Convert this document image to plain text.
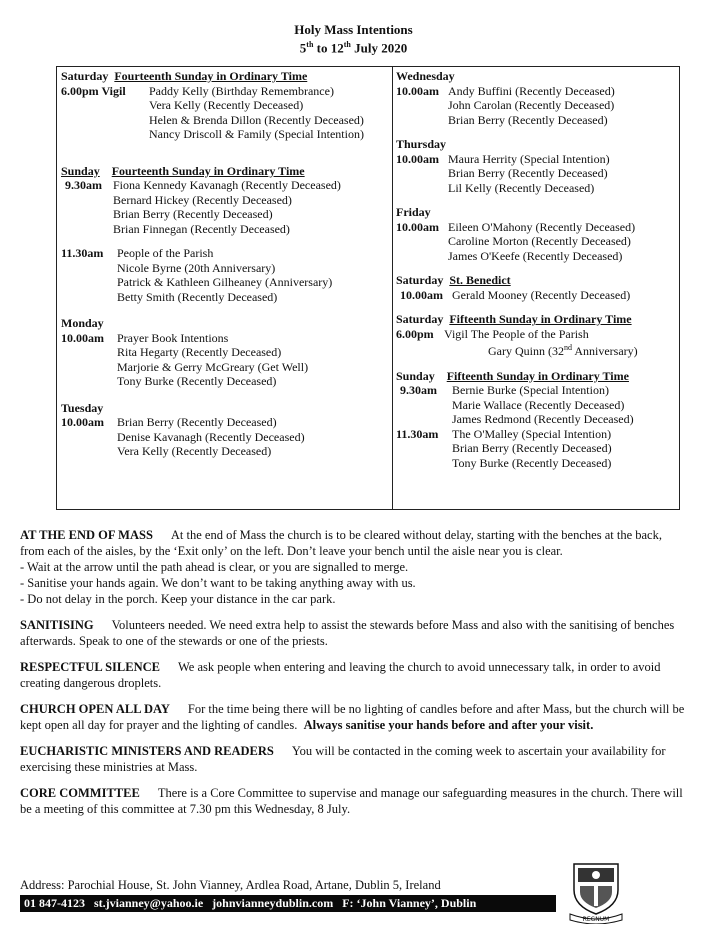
Holy Mass Intentions
5th to 12th July 2020
Saturday Fourteenth Sunday in Ordinary Time
6.00pm Vigil	Paddy Kelly (Birthday Remembrance)
Vera Kelly (Recently Deceased)
Helen & Brenda Dillon (Recently Deceased)
Nancy Driscoll & Family (Special Intention)
Sunday Fourteenth Sunday in Ordinary Time
9.30am Fiona Kennedy Kavanagh (Recently Deceased)
Bernard Hickey (Recently Deceased)
Brian Berry (Recently Deceased)
Brian Finnegan (Recently Deceased)
11.30am	People of the Parish
Nicole Byrne (20th Anniversary)
Patrick & Kathleen Gilheaney (Anniversary)
Betty Smith (Recently Deceased)
Monday
10.00am	Prayer Book Intentions
Rita Hegarty (Recently Deceased)
Marjorie & Gerry McGreary (Get Well)
Tony Burke (Recently Deceased)
Tuesday
10.00am	Brian Berry (Recently Deceased)
Denise Kavanagh (Recently Deceased)
Vera Kelly (Recently Deceased)
Wednesday
10.00am Andy Buffini (Recently Deceased)
John Carolan (Recently Deceased)
Brian Berry (Recently Deceased)
Thursday
10.00am Maura Herrity (Special Intention)
Brian Berry (Recently Deceased)
Lil Kelly (Recently Deceased)
Friday
10.00am Eileen O'Mahony (Recently Deceased)
Caroline Morton (Recently Deceased)
James O'Keefe (Recently Deceased)
Saturday St. Benedict
10.00am Gerald Mooney (Recently Deceased)
Saturday Fifteenth Sunday in Ordinary Time
6.00pm Vigil The People of the Parish
Gary Quinn (32nd Anniversary)
Sunday Fifteenth Sunday in Ordinary Time
9.30am	Bernie Burke (Special Intention)
Marie Wallace (Recently Deceased)
James Redmond (Recently Deceased)
11.30am	The O'Malley (Special Intention)
Brian Berry (Recently Deceased)
Tony Burke (Recently Deceased)
AT THE END OF MASS At the end of Mass the church is to be cleared without delay, starting with the benches at the back, from each of the aisles, by the ‘Exit only’ on the left. Don’t leave your bench until the aisle near you is clear.
- Wait at the arrow until the path ahead is clear, or you are signalled to merge.
- Sanitise your hands again. We don’t want to be taking anything away with us.
- Do not delay in the porch. Keep your distance in the car park.
SANITISING Volunteers needed. We need extra help to assist the stewards before Mass and also with the sanitising of benches afterwards. Speak to one of the stewards or one of the priests.
RESPECTFUL SILENCE We ask people when entering and leaving the church to avoid unnecessary talk, in order to avoid creating dangerous droplets.
CHURCH OPEN ALL DAY For the time being there will be no lighting of candles before and after Mass, but the church will be kept open all day for prayer and the lighting of candles. Always sanitise your hands before and after your visit.
EUCHARISTIC MINISTERS AND READERS You will be contacted in the coming week to ascertain your availability for exercising these ministries at Mass.
CORE COMMITTEE There is a Core Committee to supervise and manage our safeguarding measures in the church. There will be a meeting of this committee at 7.30 pm this Wednesday, 8 July.
Address: Parochial House, St. John Vianney, Ardlea Road, Artane, Dublin 5, Ireland
01 847-4123 st.jvianney@yahoo.ie johnvianneydublin.com F: ‘John Vianney’, Dublin
REGNUM
